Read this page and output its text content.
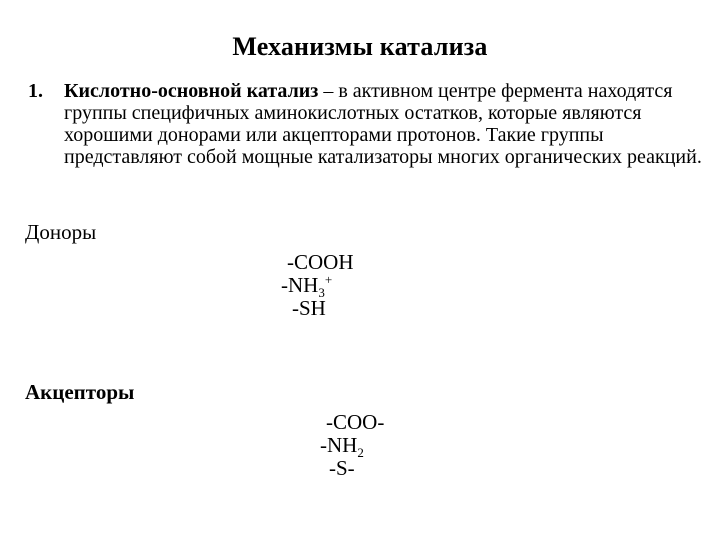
Механизмы катализа
1. Кислотно-основной катализ – в активном центре фермента находятся группы специфичных аминокислотных остатков, которые являются хорошими донорами или акцепторами протонов. Такие группы представляют собой мощные катализаторы многих органических реакций.
Доноры
-COOH
$-NH_3^+$
-SH
Акцепторы
-COO-
$-NH_2$
-S-
